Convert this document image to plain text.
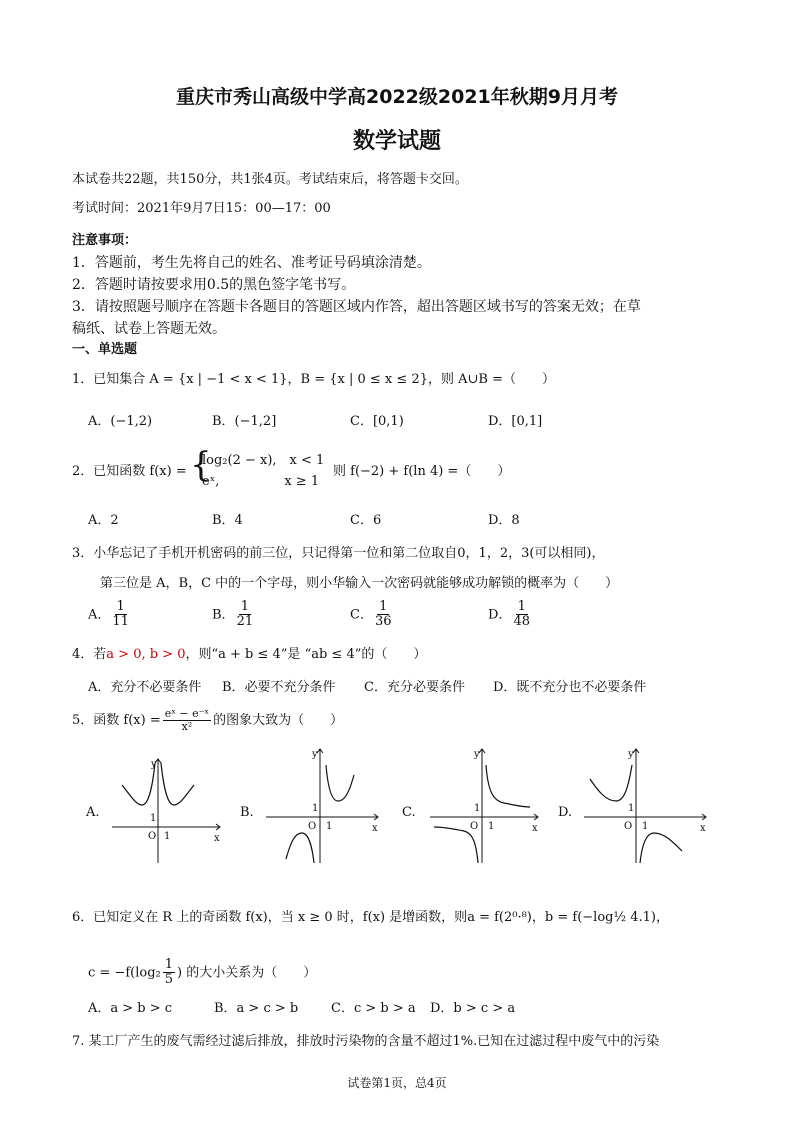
重庆市秀山高级中学高2022级2021年秋期9月月考
数学试题
本试卷共22题，共150分，共1张4页。考试结束后，将答题卡交回。
考试时间：2021年9月7日15：00—17：00
注意事项：
1．答题前，考生先将自己的姓名、准考证号码填涂清楚。
2．答题时请按要求用0.5的黑色签字笔书写。
3．请按照题号顺序在答题卡各题目的答题区域内作答，超出答题区域书写的答案无效；在草
稿纸、试卷上答题无效。
一、单选题
1．已知集合 A = {x | −1 < x < 1}，B = {x | 0 ≤ x ≤ 2}，则 A∪B =（　　）
A．(−1,2)	B．(−1,2]	C．[0,1)	D．[0,1]
2．已知函数 f(x) = {
log₂(2 − x),　x < 1
eˣ,　　　　　x ≥ 1
则 f(−2) + f(ln 4) =（　　）
A．2	B．4	C．6	D．8
3．小华忘记了手机开机密码的前三位，只记得第一位和第二位取自0，1，2，3(可以相同)，
第三位是 A，B，C 中的一个字母，则小华输入一次密码就能够成功解锁的概率为（　　）
A． $\frac{1}{11}$	B． $\frac{1}{21}$	C． $\frac{1}{36}$	D． $\frac{1}{48}$
4．若a > 0, b > 0，则“a + b ≤ 4”是 “ab ≤ 4”的（　　）
A．充分不必要条件 B．必要不充分条件 C．充分必要条件 D．既不充分也不必要条件
5．函数 $f(x) = \frac{\text{eˣ − e⁻ˣ}}{\text{x²}}$ 的图象大致为（　　）
A.	B.	C.	D.
y
x
O 1
1
y
x
O 1
1
y
x
O 1
1
y
x
O 1
1
6．已知定义在 R 上的奇函数 f(x)，当 x ≥ 0 时，f(x) 是增函数，则a = f(2⁰·⁸)，b = f(−log½ 4.1)，
$c = -f(\log_2 \frac{1}{5}$ ) 的大小关系为（　　）
A．a > b > c	B．a > c > b	C．c > b > a D．b > c > a
7. 某工厂产生的废气需经过滤后排放，排放时污染物的含量不超过1%.已知在过滤过程中废气中的污染
试卷第1页，总4页
